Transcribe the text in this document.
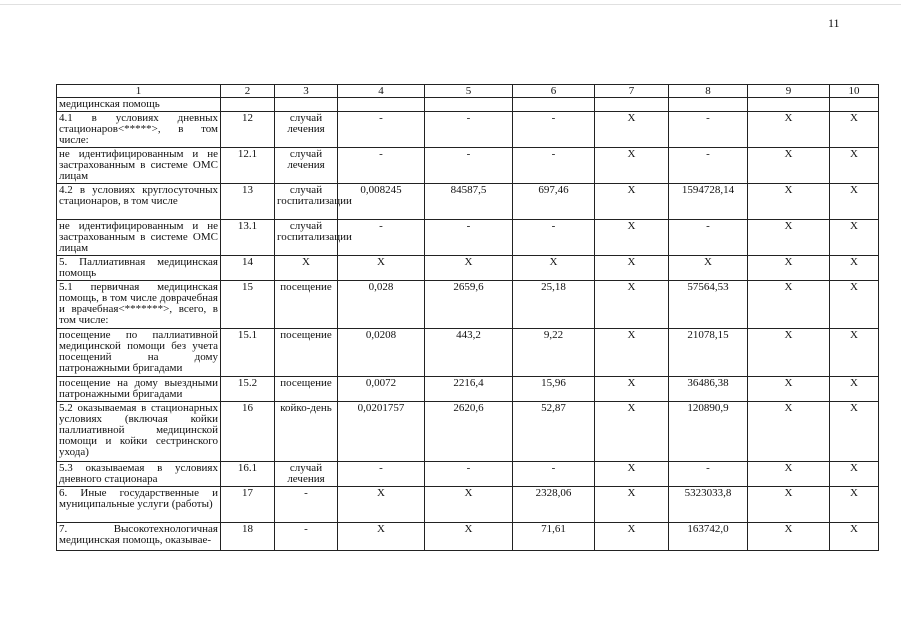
11
1	2	3	4	5	6	7	8	9	10
медицинская помощь									
4.1 в условиях дневных стационаров<*****>, в том числе:	12	случай лечения	-	-	-	X	-	X	X
не идентифицированным и не застрахованным в системе ОМС лицам	12.1	случай лечения	-	-	-	X	-	X	X
4.2 в условиях круглосуточных стационаров, в том числе	13	случай госпитализации	0,008245	84587,5	697,46	X	1594728,14	X	X
не идентифицированным и не застрахованным в системе ОМС лицам	13.1	случай госпитализации	-	-	-	X	-	X	X
5. Паллиативная медицинская помощь	14	X	X	X	X	X	X	X	X
5.1 первичная медицинская помощь, в том числе доврачебная и врачебная<*******>, всего, в том числе:	15	посещение	0,028	2659,6	25,18	X	57564,53	X	X
посещение по паллиативной медицинской помощи без учета посещений на дому патронажными бригадами	15.1	посещение	0,0208	443,2	9,22	X	21078,15	X	X
посещение на дому выездными патронажными бригадами	15.2	посещение	0,0072	2216,4	15,96	X	36486,38	X	X
5.2 оказываемая в стационарных условиях (включая койки паллиативной медицинской помощи и койки сестринского ухода)	16	койко-день	0,0201757	2620,6	52,87	X	120890,9	X	X
5.3 оказываемая в условиях дневного стационара	16.1	случай лечения	-	-	-	X	-	X	X
6. Иные государственные и муниципальные услуги (работы)	17	-	X	X	2328,06	X	5323033,8	X	X
7. Высокотехнологичная медицинская помощь, оказывае-	18	-	X	X	71,61	X	163742,0	X	X
